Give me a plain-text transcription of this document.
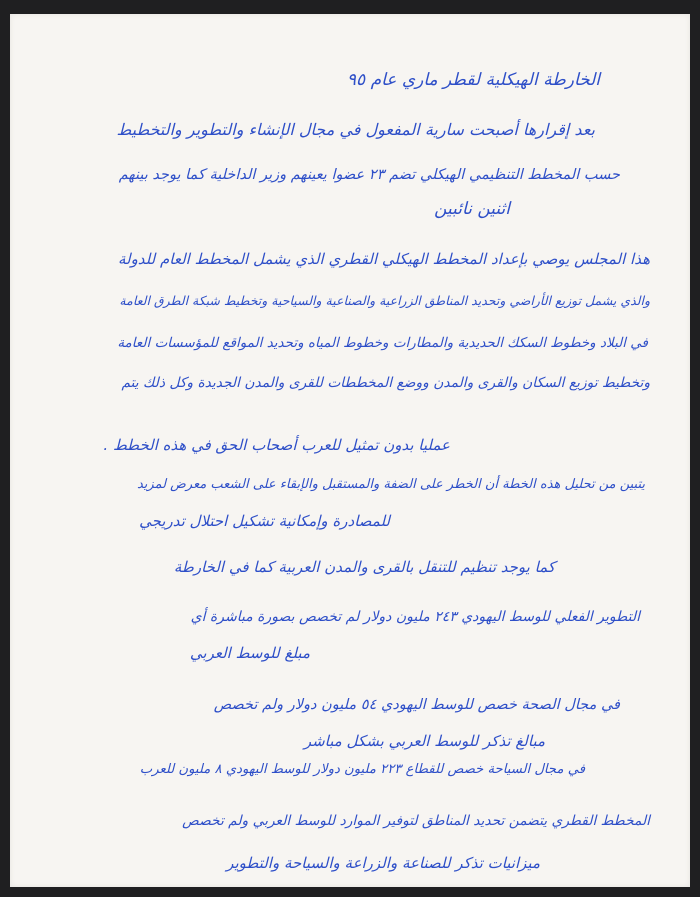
الخارطة الهيكلية لقطر ماري عام ٩٥
بعد إقرارها أصبحت سارية المفعول في مجال الإنشاء والتطوير والتخطيط
حسب المخطط التنظيمي الهيكلي تضم ٢٣ عضوا يعينهم وزير الداخلية كما يوجد بينهم
اثنين نائبين
هذا المجلس يوصي بإعداد المخطط الهيكلي القطري الذي يشمل المخطط العام للدولة
والذي يشمل توزيع الأراضي وتحديد المناطق الزراعية والصناعية والسياحية وتخطيط شبكة الطرق العامة
في البلاد وخطوط السكك الحديدية والمطارات وخطوط المياه وتحديد المواقع للمؤسسات العامة
وتخطيط توزيع السكان والقرى والمدن ووضع المخططات للقرى والمدن الجديدة وكل ذلك يتم
عمليا بدون تمثيل للعرب أصحاب الحق في هذه الخطط .
يتبين من تحليل هذه الخطة أن الخطر على الضفة والمستقبل والإبقاء على الشعب معرض لمزيد
للمصادرة وإمكانية تشكيل احتلال تدريجي
كما يوجد تنظيم للتنقل بالقرى والمدن العربية كما في الخارطة
التطوير الفعلي للوسط اليهودي ٢٤٣ مليون دولار لم تخصص بصورة مباشرة أي
مبلغ للوسط العربي
في مجال الصحة خصص للوسط اليهودي ٥٤ مليون دولار ولم تخصص
مبالغ تذكر للوسط العربي بشكل مباشر
في مجال السياحة خصص للقطاع ٢٢٣ مليون دولار للوسط اليهودي ٨ مليون للعرب
المخطط القطري يتضمن تحديد المناطق لتوفير الموارد للوسط العربي ولم تخصص
ميزانيات تذكر للصناعة والزراعة والسياحة والتطوير
